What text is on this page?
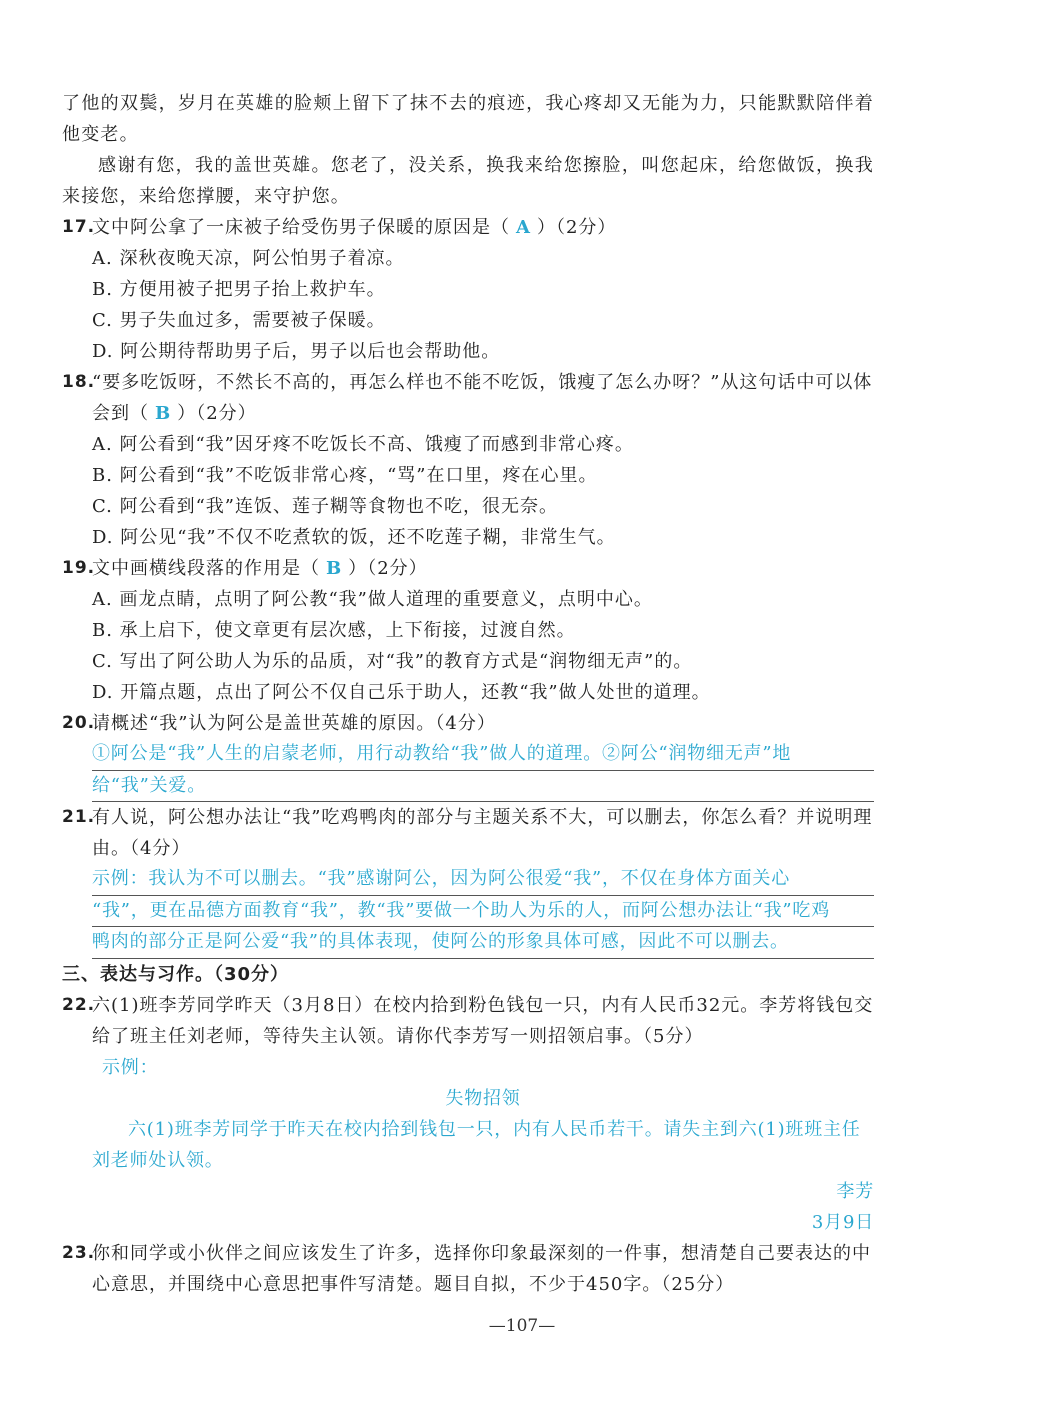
了他的双鬓，岁月在英雄的脸颊上留下了抹不去的痕迹，我心疼却又无能为力，只能默默陪伴着他变老。

感谢有您，我的盖世英雄。您老了，没关系，换我来给您擦脸，叫您起床，给您做饭，换我来接您，来给您撑腰，来守护您。

17.
文中阿公拿了一床被子给受伤男子保暖的原因是（ A ）（2分）
A. 深秋夜晚天凉，阿公怕男子着凉。
B. 方便用被子把男子抬上救护车。
C. 男子失血过多，需要被子保暖。
D. 阿公期待帮助男子后，男子以后也会帮助他。
18.
“要多吃饭呀，不然长不高的，再怎么样也不能不吃饭，饿瘦了怎么办呀？”从这句话中可以体会到（ B ）（2分）
A. 阿公看到“我”因牙疼不吃饭长不高、饿瘦了而感到非常心疼。
B. 阿公看到“我”不吃饭非常心疼，“骂”在口里，疼在心里。
C. 阿公看到“我”连饭、莲子糊等食物也不吃，很无奈。
D. 阿公见“我”不仅不吃煮软的饭，还不吃莲子糊，非常生气。
19.
文中画横线段落的作用是（ B ）（2分）
A. 画龙点睛，点明了阿公教“我”做人道理的重要意义，点明中心。
B. 承上启下，使文章更有层次感，上下衔接，过渡自然。
C. 写出了阿公助人为乐的品质，对“我”的教育方式是“润物细无声”的。
D. 开篇点题，点出了阿公不仅自己乐于助人，还教“我”做人处世的道理。
20.
请概述“我”认为阿公是盖世英雄的原因。（4分）
①阿公是“我”人生的启蒙老师，用行动教给“我”做人的道理。②阿公“润物细无声”地
给“我”关爱。
21.
有人说，阿公想办法让“我”吃鸡鸭肉的部分与主题关系不大，可以删去，你怎么看？并说明理由。（4分）
示例：我认为不可以删去。“我”感谢阿公，因为阿公很爱“我”，不仅在身体方面关心
“我”，更在品德方面教育“我”，教“我”要做一个助人为乐的人，而阿公想办法让“我”吃鸡
鸭肉的部分正是阿公爱“我”的具体表现，使阿公的形象具体可感，因此不可以删去。
三、表达与习作。（30分）
22.
六(1)班李芳同学昨天（3月8日）在校内拾到粉色钱包一只，内有人民币32元。李芳将钱包交给了班主任刘老师，等待失主认领。请你代李芳写一则招领启事。（5分）
示例：
失物招领
六(1)班李芳同学于昨天在校内拾到钱包一只，内有人民币若干。请失主到六(1)班班主任刘老师处认领。
李芳
3月9日
23.
你和同学或小伙伴之间应该发生了许多，选择你印象最深刻的一件事，想清楚自己要表达的中心意思，并围绕中心意思把事件写清楚。题目自拟，不少于450字。（25分）
—107—
